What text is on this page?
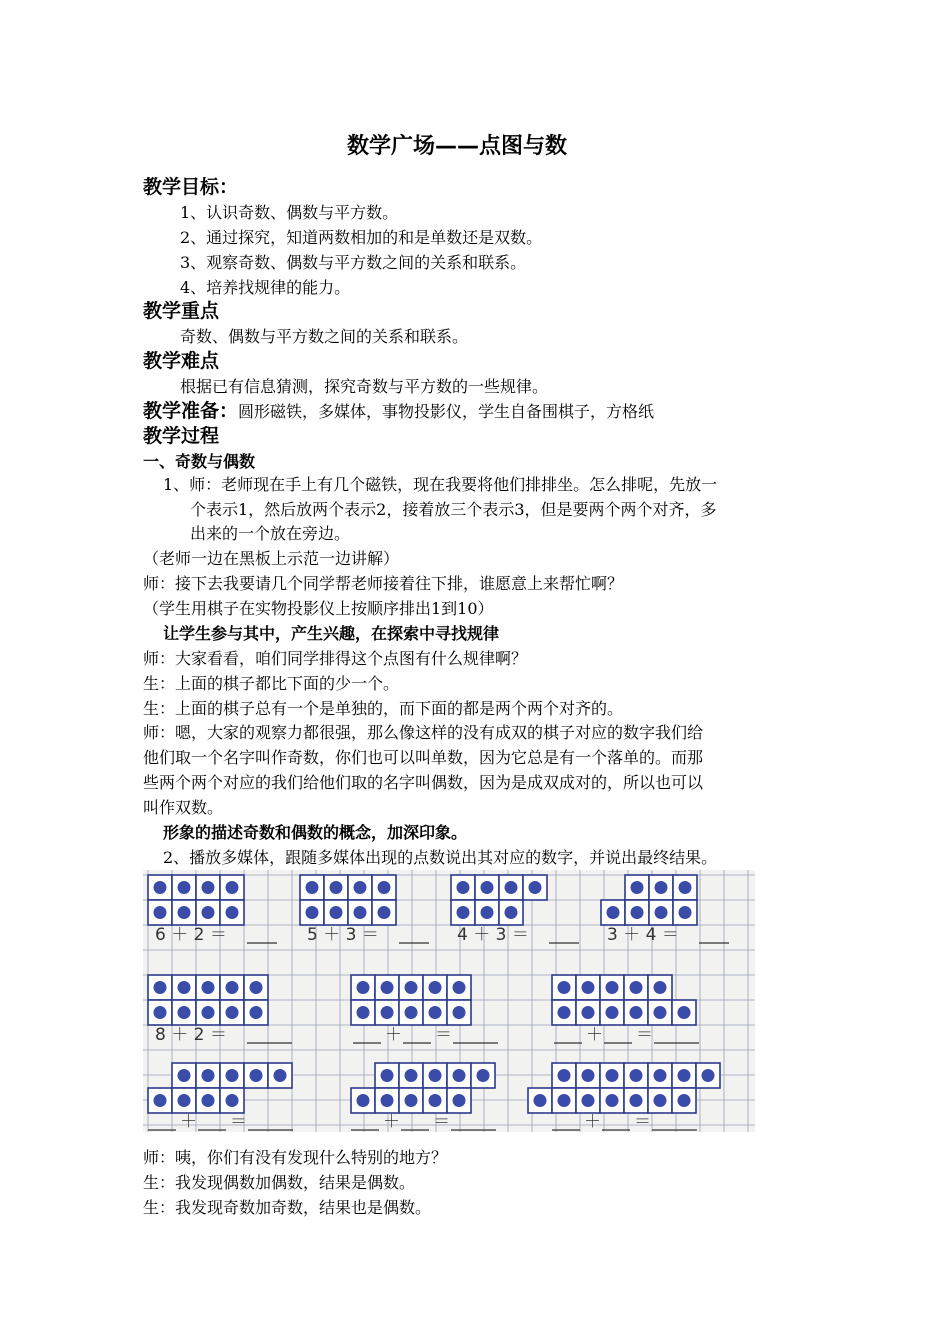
数学广场——点图与数
教学目标：
1、认识奇数、偶数与平方数。
2、通过探究，知道两数相加的和是单数还是双数。
3、观察奇数、偶数与平方数之间的关系和联系。
4、培养找规律的能力。
教学重点
奇数、偶数与平方数之间的关系和联系。
教学难点
根据已有信息猜测，探究奇数与平方数的一些规律。
教学准备：圆形磁铁，多媒体，事物投影仪，学生自备围棋子，方格纸
教学过程
一、奇数与偶数
1、师：老师现在手上有几个磁铁，现在我要将他们排排坐。怎么排呢，先放一
个表示1，然后放两个表示2，接着放三个表示3，但是要两个两个对齐，多
出来的一个放在旁边。
（老师一边在黑板上示范一边讲解）
师：接下去我要请几个同学帮老师接着往下排，谁愿意上来帮忙啊？
（学生用棋子在实物投影仪上按顺序排出1到10）
让学生参与其中，产生兴趣，在探索中寻找规律
师：大家看看，咱们同学排得这个点图有什么规律啊？
生：上面的棋子都比下面的少一个。
生：上面的棋子总有一个是单独的，而下面的都是两个两个对齐的。
师：嗯，大家的观察力都很强，那么像这样的没有成双的棋子对应的数字我们给
他们取一个名字叫作奇数，你们也可以叫单数，因为它总是有一个落单的。而那
些两个两个对应的我们给他们取的名字叫偶数，因为是成双成对的，所以也可以
叫作双数。
形象的描述奇数和偶数的概念，加深印象。
2、播放多媒体，跟随多媒体出现的点数说出其对应的数字，并说出最终结果。
6 ＋ 2 ＝	5 ＋ 3 ＝	4 ＋ 3 ＝	3 ＋ 4 ＝
8 ＋ 2 ＝	＋ ＝	＋ ＝
＋ ＝	＋ ＝	＋ ＝
师：咦，你们有没有发现什么特别的地方？
生：我发现偶数加偶数，结果是偶数。
生：我发现奇数加奇数，结果也是偶数。
